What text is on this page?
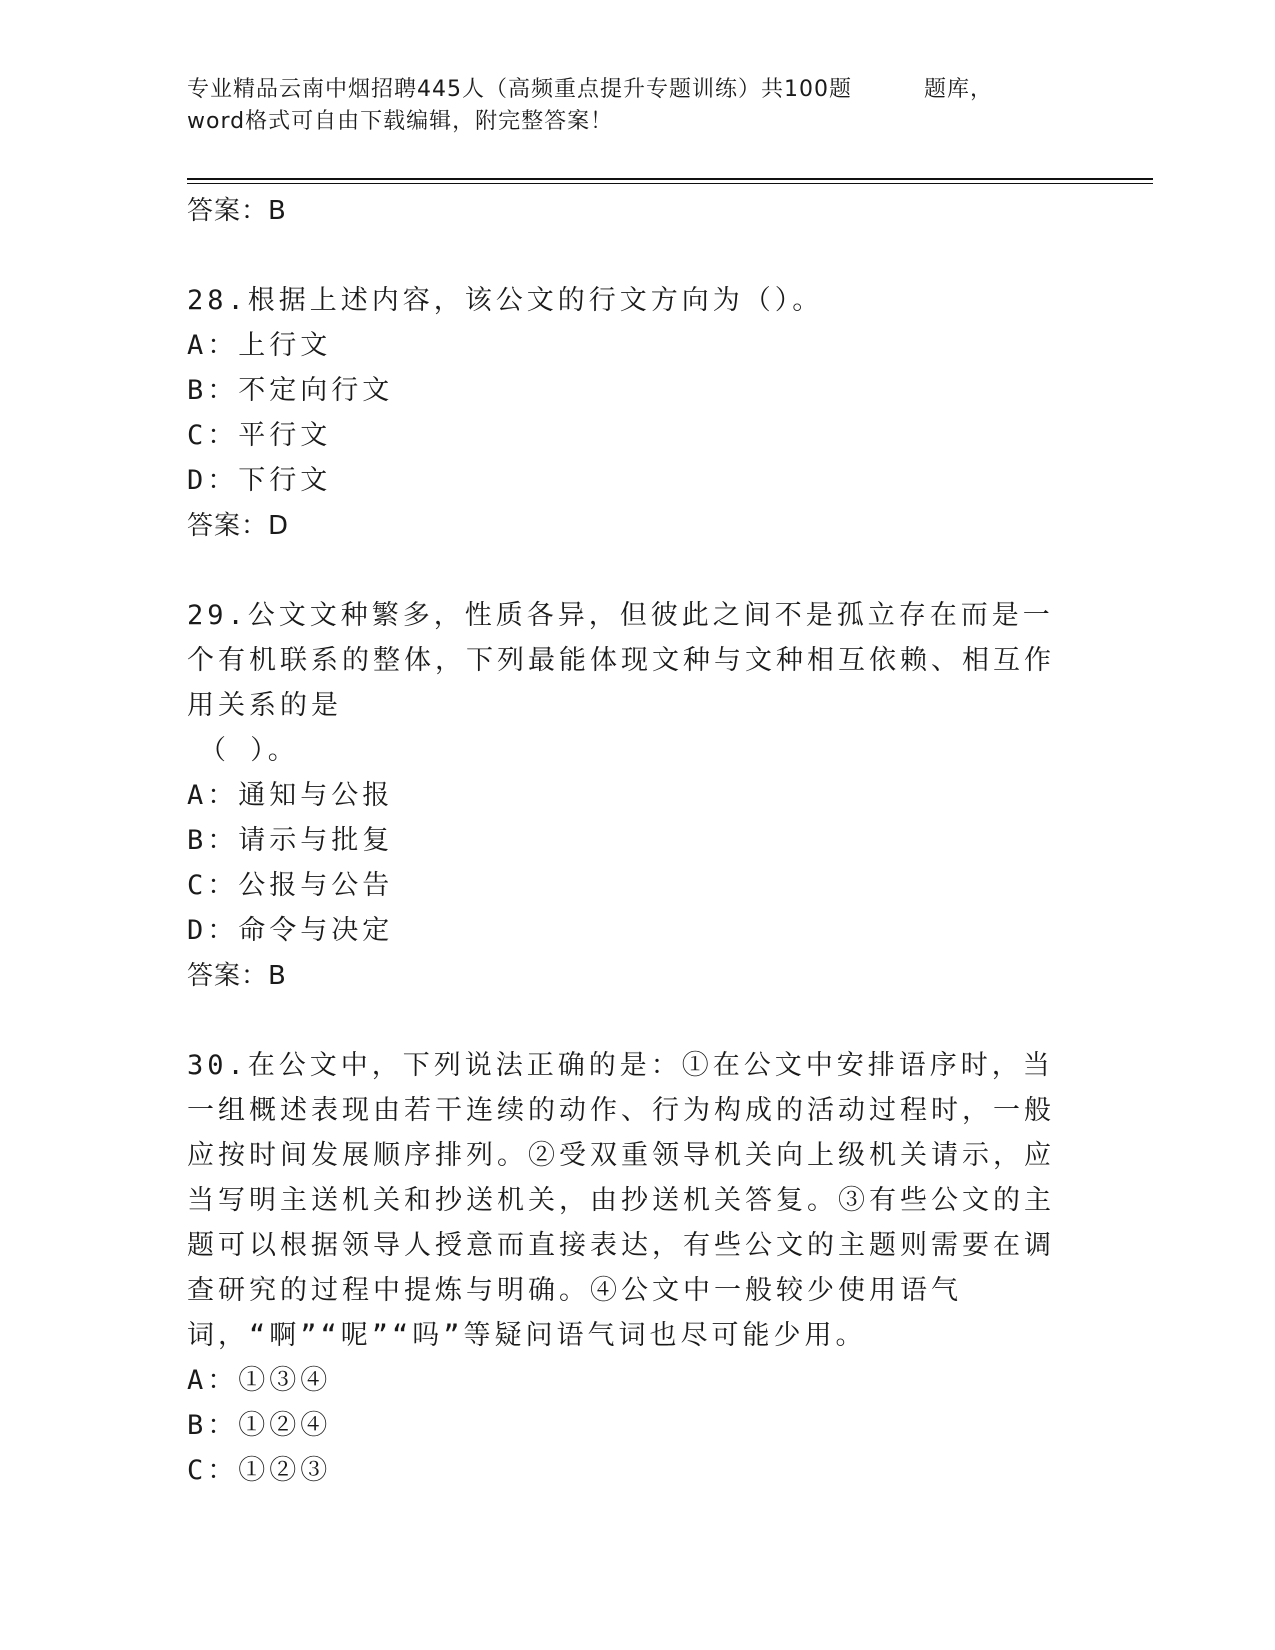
专业精品云南中烟招聘445人（高频重点提升专题训练）共100题	题库，
word格式可自由下载编辑，附完整答案！
答案：B
28.根据上述内容，该公文的行文方向为（）。
A：上行文
B：不定向行文
C：平行文
D：下行文
答案：D
29.公文文种繁多，性质各异，但彼此之间不是孤立存在而是一个有机联系的整体，下列最能体现文种与文种相互依赖、相互作用关系的是
（ ）。
A：通知与公报
B：请示与批复
C：公报与公告
D：命令与决定
答案：B
30.在公文中，下列说法正确的是：①在公文中安排语序时，当一组概述表现由若干连续的动作、行为构成的活动过程时，一般应按时间发展顺序排列。②受双重领导机关向上级机关请示，应当写明主送机关和抄送机关，由抄送机关答复。③有些公文的主题可以根据领导人授意而直接表达，有些公文的主题则需要在调查研究的过程中提炼与明确。④公文中一般较少使用语气词，“啊”“呢”“吗”等疑问语气词也尽可能少用。
A：①③④
B：①②④
C：①②③
